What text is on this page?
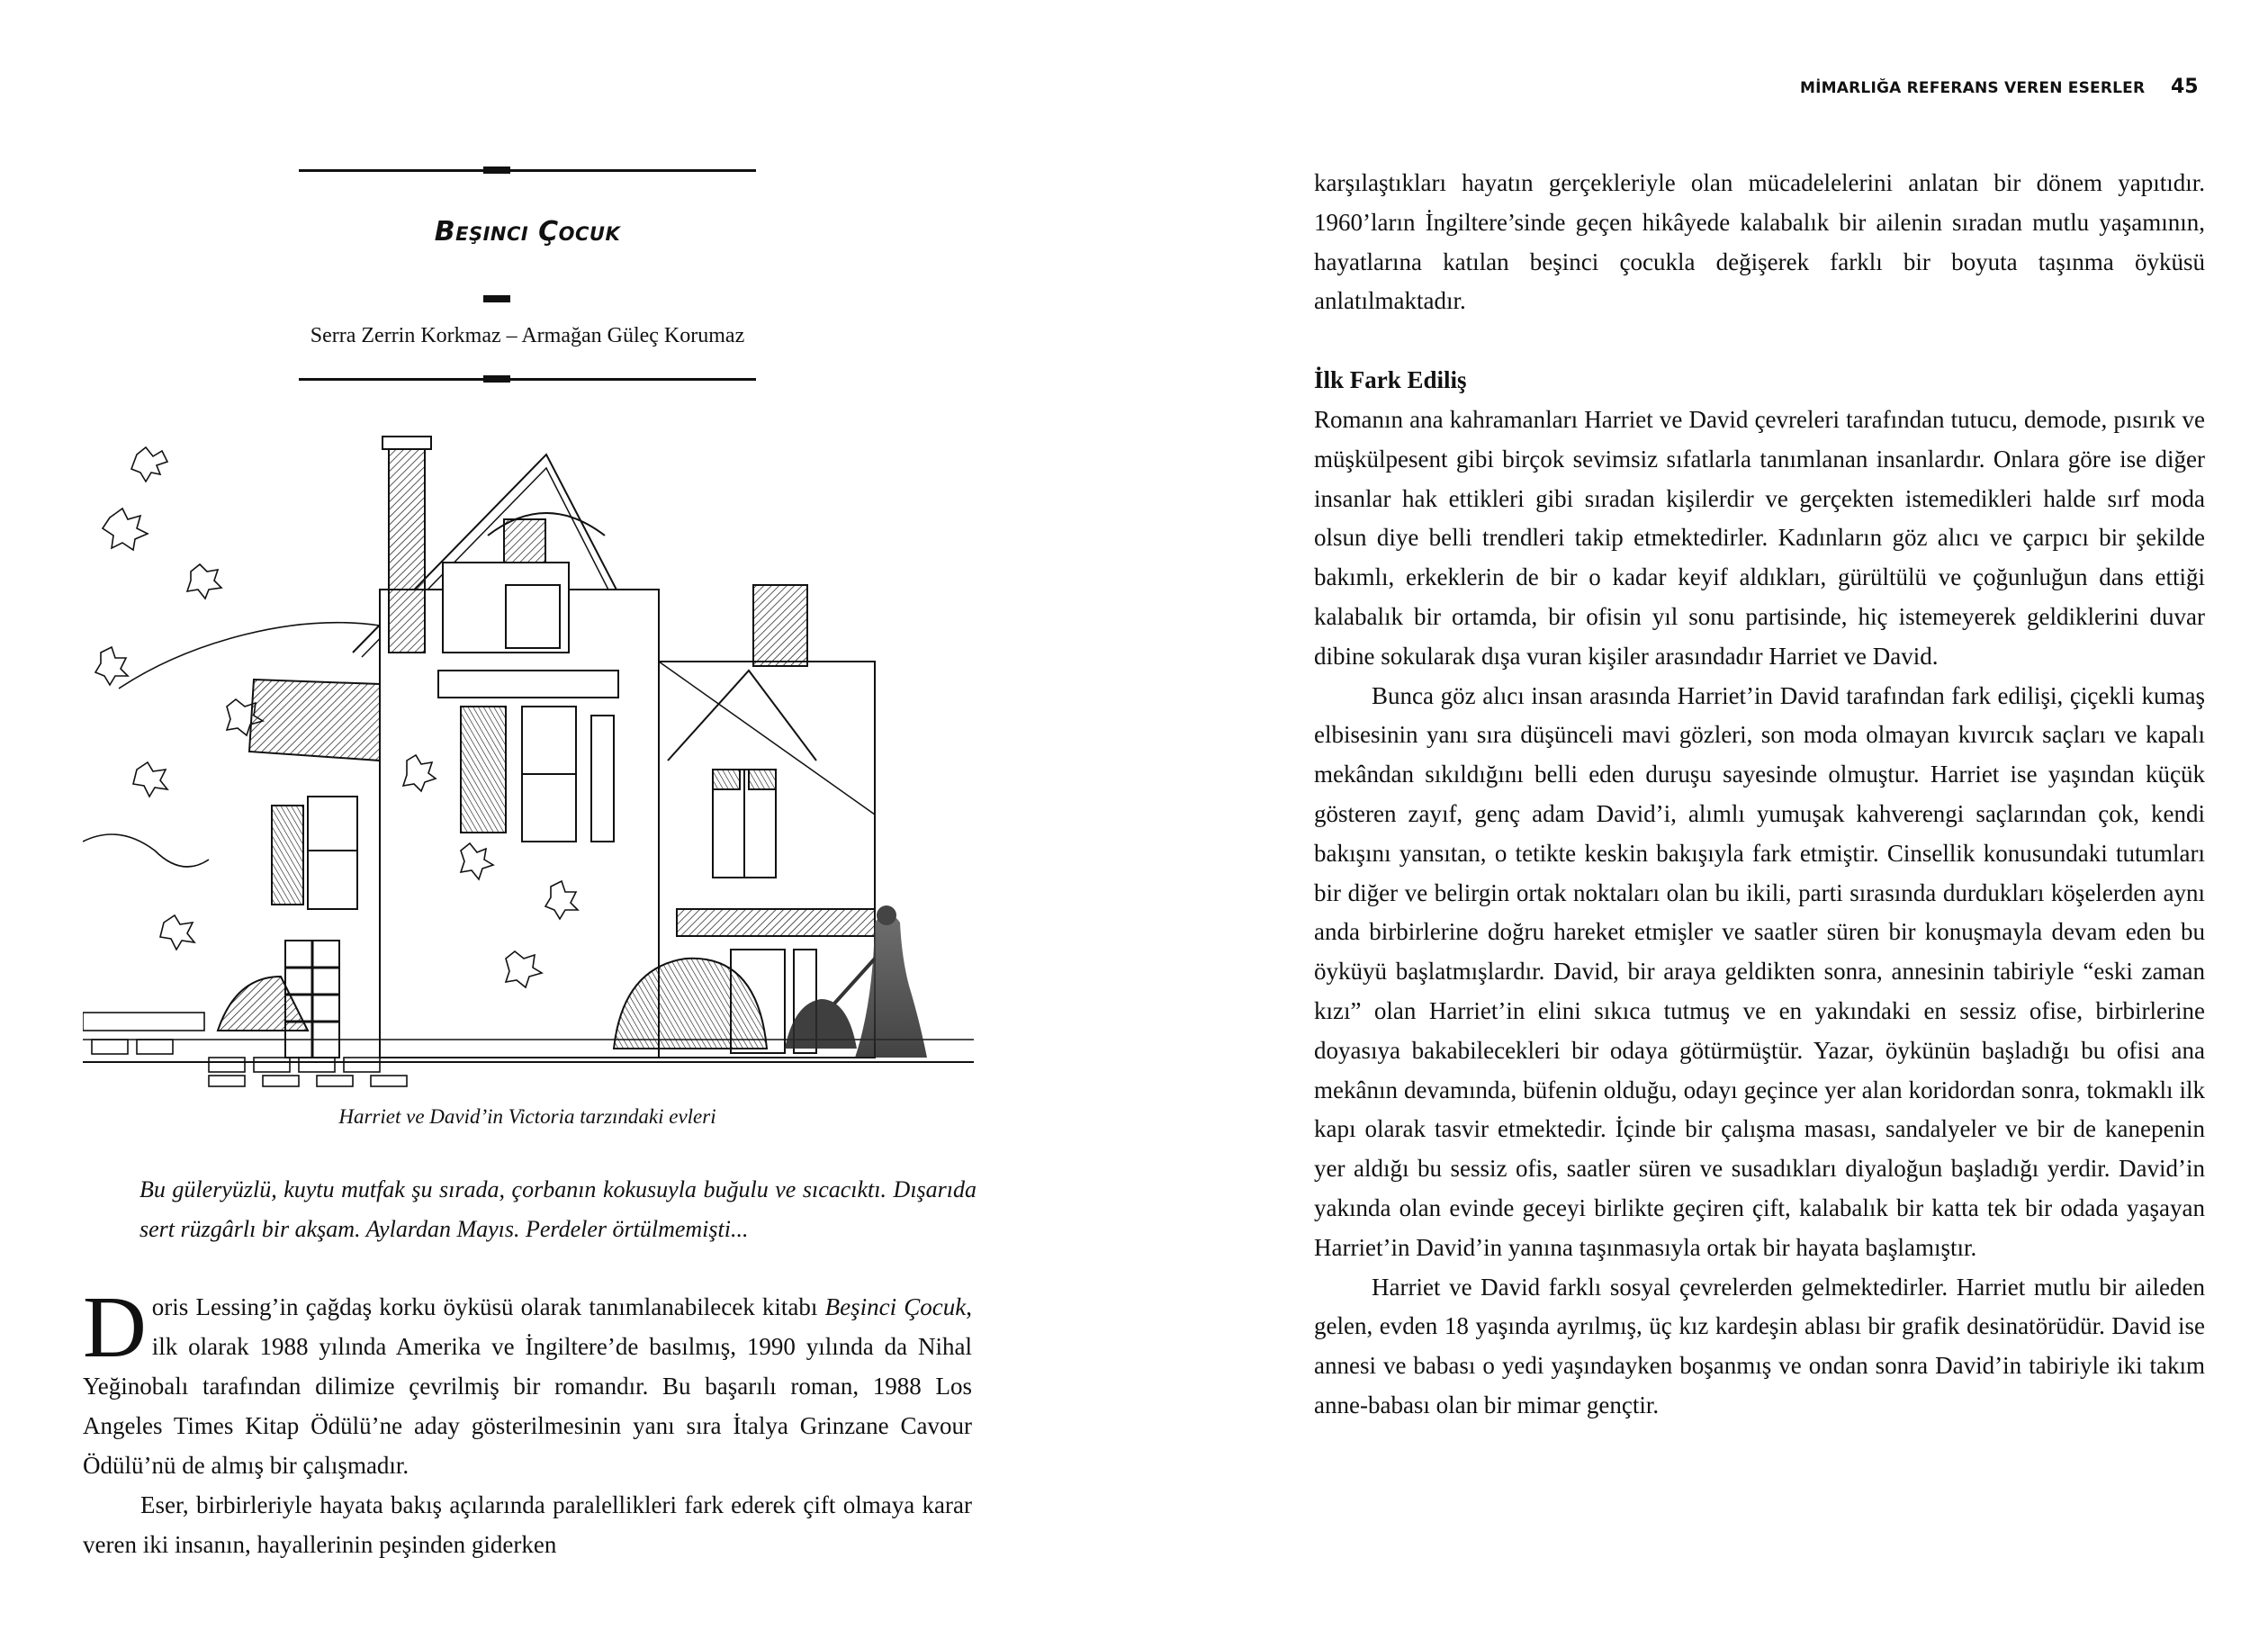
Beşinci Çocuk
Serra Zerrin Korkmaz – Armağan Güleç Korumaz
Harriet ve David’in Victoria tarzındaki evleri
Bu güleryüzlü, kuytu mutfak şu sırada, çorbanın kokusuyla buğulu ve sıcacıktı. Dışarıda sert rüzgârlı bir akşam. Aylardan Mayıs. Perdeler örtülmemişti...

Doris Lessing’in çağdaş korku öyküsü olarak tanımlanabilecek kitabı Beşinci Çocuk, ilk olarak 1988 yılında Amerika ve İngiltere’de basılmış, 1990 yılında da Nihal Yeğinobalı tarafından dilimize çevrilmiş bir romandır. Bu başarılı roman, 1988 Los Angeles Times Kitap Ödülü’ne aday gösterilmesinin yanı sıra İtalya Grinzane Cavour Ödülü’nü de almış bir çalışmadır.

Eser, birbirleriyle hayata bakış açılarında paralellikleri fark ederek çift olmaya karar veren iki insanın, hayallerinin peşinden giderken

MİMARLIĞA REFERANS VEREN ESERLER 45

karşılaştıkları hayatın gerçekleriyle olan mücadelelerini anlatan bir dönem yapıtıdır. 1960’ların İngiltere’sinde geçen hikâyede kalabalık bir ailenin sıradan mutlu yaşamının, hayatlarına katılan beşinci çocukla değişerek farklı bir boyuta taşınma öyküsü anlatılmaktadır.

İlk Fark Ediliş

Romanın ana kahramanları Harriet ve David çevreleri tarafından tutucu, demode, pısırık ve müşkülpesent gibi birçok sevimsiz sıfatlarla tanımlanan insanlardır. Onlara göre ise diğer insanlar hak ettikleri gibi sıradan kişilerdir ve gerçekten istemedikleri halde sırf moda olsun diye belli trendleri takip etmektedirler. Kadınların göz alıcı ve çarpıcı bir şekilde bakımlı, erkeklerin de bir o kadar keyif aldıkları, gürültülü ve çoğunluğun dans ettiği kalabalık bir ortamda, bir ofisin yıl sonu partisinde, hiç istemeyerek geldiklerini duvar dibine sokularak dışa vuran kişiler arasındadır Harriet ve David.

Bunca göz alıcı insan arasında Harriet’in David tarafından fark edilişi, çiçekli kumaş elbisesinin yanı sıra düşünceli mavi gözleri, son moda olmayan kıvırcık saçları ve kapalı mekândan sıkıldığını belli eden duruşu sayesinde olmuştur. Harriet ise yaşından küçük gösteren zayıf, genç adam David’i, alımlı yumuşak kahverengi saçlarından çok, kendi bakışını yansıtan, o tetikte keskin bakışıyla fark etmiştir. Cinsellik konusundaki tutumları bir diğer ve belirgin ortak noktaları olan bu ikili, parti sırasında durdukları köşelerden aynı anda birbirlerine doğru hareket etmişler ve saatler süren bir konuşmayla devam eden bu öyküyü başlatmışlardır. David, bir araya geldikten sonra, annesinin tabiriyle “eski zaman kızı” olan Harriet’in elini sıkıca tutmuş ve en yakındaki en sessiz ofise, birbirlerine doyasıya bakabilecekleri bir odaya götürmüştür. Yazar, öykünün başladığı bu ofisi ana mekânın devamında, büfenin olduğu, odayı geçince yer alan koridordan sonra, tokmaklı ilk kapı olarak tasvir etmektedir. İçinde bir çalışma masası, sandalyeler ve bir de kanepenin yer aldığı bu sessiz ofis, saatler süren ve susadıkları diyaloğun başladığı yerdir. David’in yakında olan evinde geceyi birlikte geçiren çift, kalabalık bir katta tek bir odada yaşayan Harriet’in David’in yanına taşınmasıyla ortak bir hayata başlamıştır.

Harriet ve David farklı sosyal çevrelerden gelmektedirler. Harriet mutlu bir aileden gelen, evden 18 yaşında ayrılmış, üç kız kardeşin ablası bir grafik desinatörüdür. David ise annesi ve babası o yedi yaşındayken boşanmış ve ondan sonra David’in tabiriyle iki takım anne-babası olan bir mimar gençtir.
